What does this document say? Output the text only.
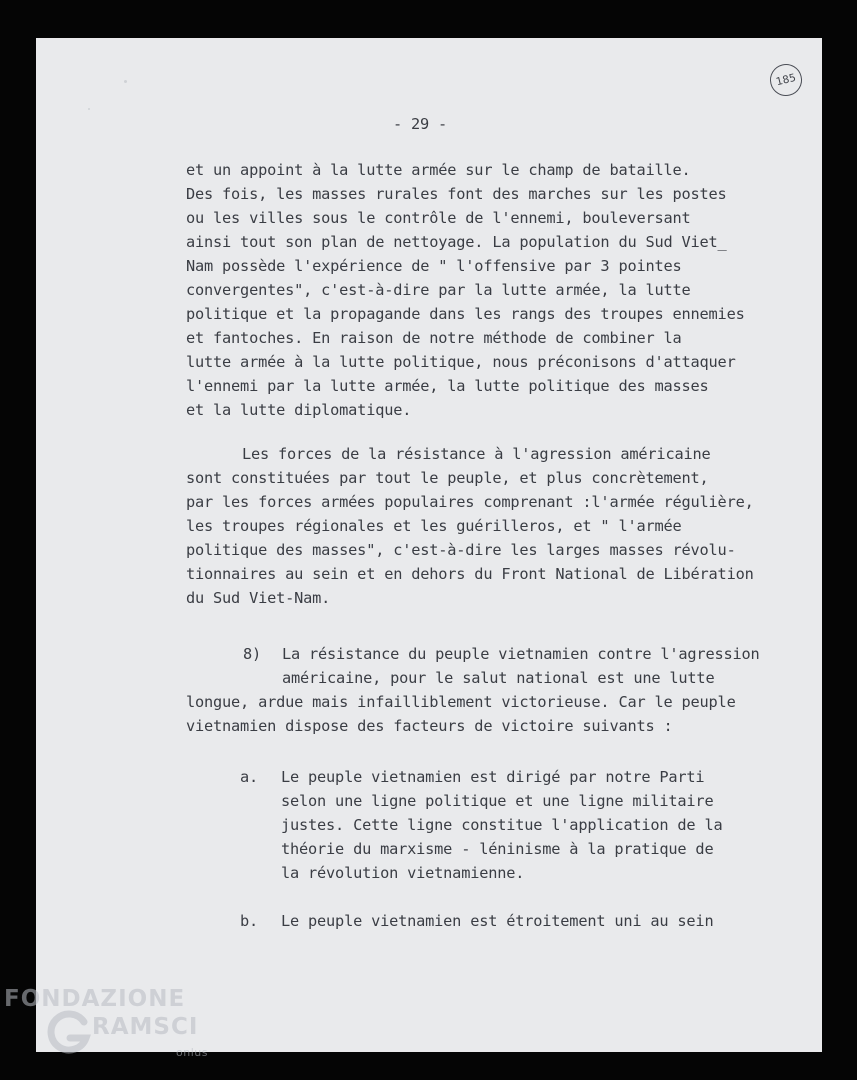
- 29 -
185

et un appoint à la lutte armée sur le champ de bataille.

Des fois, les masses rurales font des marches sur les postes

ou les villes sous le contrôle de l'ennemi, bouleversant

ainsi tout son plan de nettoyage. La population du Sud Viet_

Nam possède l'expérience de " l'offensive par 3 pointes

convergentes", c'est-à-dire par la lutte armée, la lutte

politique et la propagande dans les rangs des troupes ennemies

et fantoches. En raison de notre méthode de combiner la

lutte armée à la lutte politique, nous préconisons d'attaquer

l'ennemi par la lutte armée, la lutte politique des masses

et la lutte diplomatique.

Les forces de la résistance à l'agression américaine

sont constituées par tout le peuple, et plus concrètement,

par les forces armées populaires comprenant :l'armée régulière,

les troupes régionales et les guérilleros, et " l'armée

politique des masses", c'est-à-dire les larges masses révolu-

tionnaires au sein et en dehors du Front National de Libération

du Sud Viet-Nam.

8)

La résistance du peuple vietnamien contre l'agression

américaine, pour le salut national est une lutte

longue, ardue mais infailliblement victorieuse. Car le peuple

vietnamien dispose des facteurs de victoire suivants :

a.

Le peuple vietnamien est dirigé par notre Parti

selon une ligne politique et une ligne militaire

justes. Cette ligne constitue l'application de la

théorie du marxisme - léninisme à la pratique de

la révolution vietnamienne.

b.

Le peuple vietnamien est étroitement uni au sein

FONDAZIONE
RAMSCI
onlus
